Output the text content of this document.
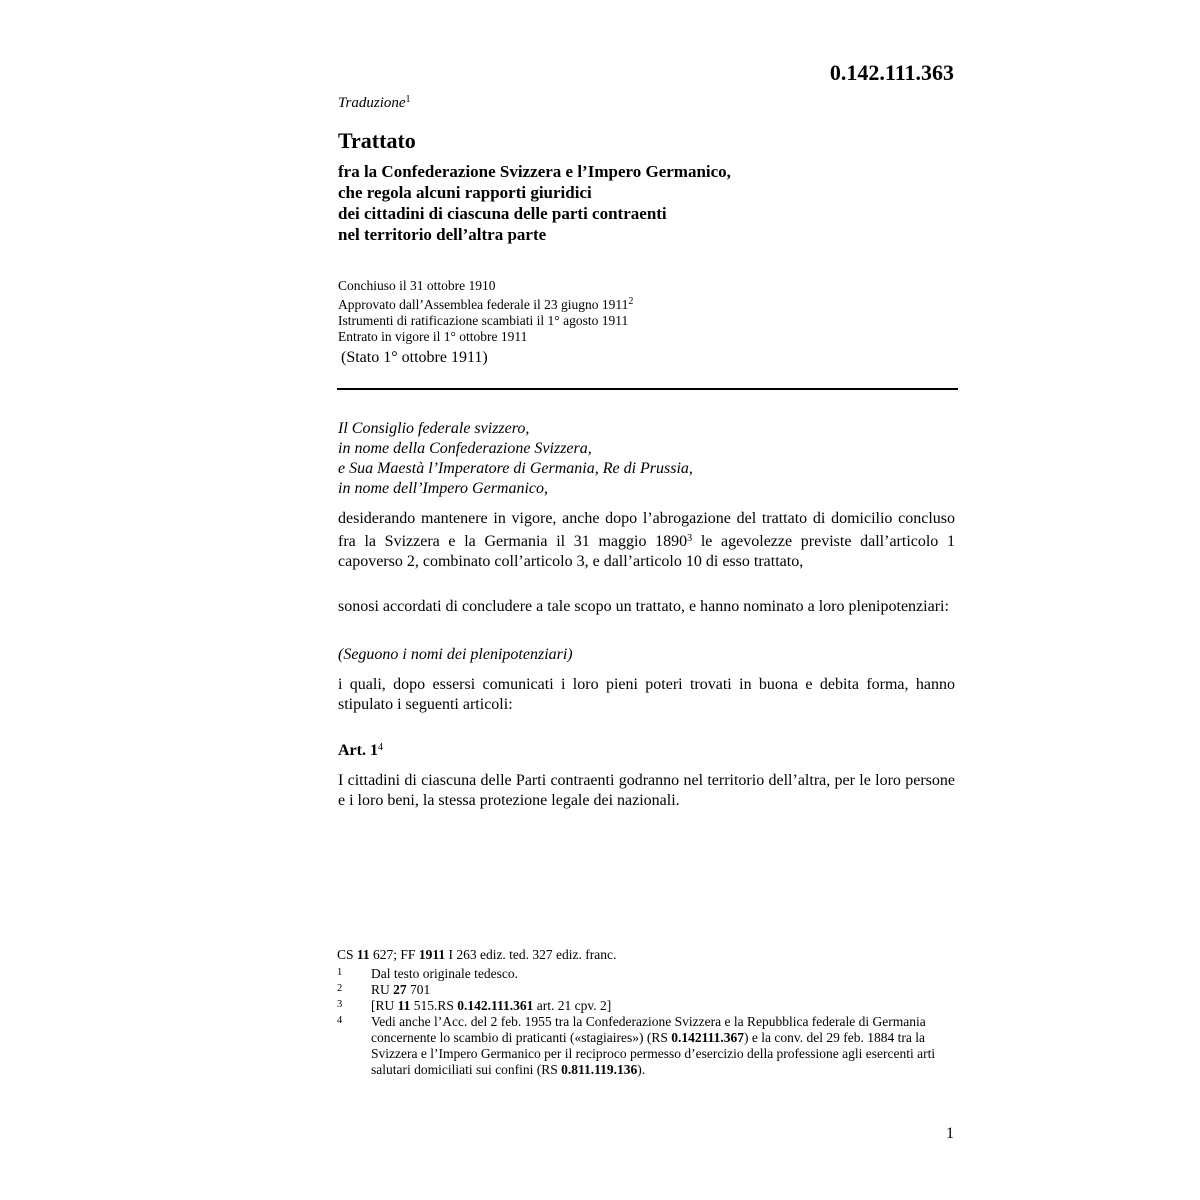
0.142.111.363
Traduzione$^1$
Trattato
fra la Confederazione Svizzera e l’Impero Germanico,
che regola alcuni rapporti giuridici
dei cittadini di ciascuna delle parti contraenti
nel territorio dell’altra parte
Conchiuso il 31 ottobre 1910
Approvato dall’Assemblea federale il 23 giugno 1911$^2$
Istrumenti di ratificazione scambiati il 1° agosto 1911
Entrato in vigore il 1° ottobre 1911
(Stato 1° ottobre 1911)
Il Consiglio federale svizzero,
in nome della Confederazione Svizzera,
e Sua Maestà l’Imperatore di Germania, Re di Prussia,
in nome dell’Impero Germanico,
desiderando mantenere in vigore, anche dopo l’abrogazione del trattato di domicilio concluso fra la Svizzera e la Germania il 31 maggio 1890$^3$ le agevolezze previste dall’articolo 1 capoverso 2, combinato coll’articolo 3, e dall’articolo 10 di esso trattato,
sonosi accordati di concludere a tale scopo un trattato, e hanno nominato a loro plenipotenziari:
(Seguono i nomi dei plenipotenziari)
i quali, dopo essersi comunicati i loro pieni poteri trovati in buona e debita forma, hanno stipulato i seguenti articoli:
Art. 1$^4$
I cittadini di ciascuna delle Parti contraenti godranno nel territorio dell’altra, per le loro persone e i loro beni, la stessa protezione legale dei nazionali.
CS 11 627; FF 1911 I 263 ediz. ted. 327 ediz. franc.
1	Dal testo originale tedesco.
2	RU 27 701
3	[RU 11 515.RS 0.142.111.361 art. 21 cpv. 2]
4	Vedi anche l’Acc. del 2 feb. 1955 tra la Confederazione Svizzera e la Repubblica federale di Germania concernente lo scambio di praticanti («stagiaires») (RS 0.142111.367) e la conv. del 29 feb. 1884 tra la Svizzera e l’Impero Germanico per il reciproco permesso d’esercizio della professione agli esercenti arti salutari domiciliati sui confini (RS 0.811.119.136).
1
